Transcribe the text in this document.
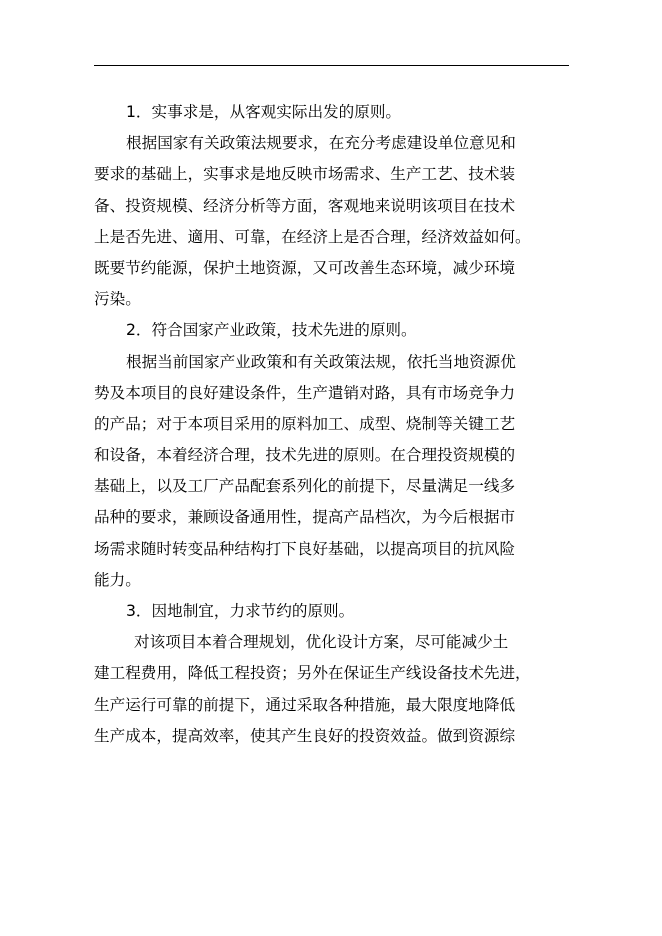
1．实事求是，从客观实际出发的原则。
根据国家有关政策法规要求，在充分考虑建设单位意见和
要求的基础上，实事求是地反映市场需求、生产工艺、技术装
备、投资规模、经济分析等方面，客观地来说明该项目在技术
上是否先进、適用、可靠，在经济上是否合理，经济效益如何。
既要节约能源，保护土地资源，又可改善生态环境，减少环境
污染。
2．符合国家产业政策，技术先进的原则。
根据当前国家产业政策和有关政策法规，依托当地资源优
势及本项目的良好建设条件，生产遣销对路，具有市场竞争力
的产品；对于本项目采用的原料加工、成型、烧制等关键工艺
和设备，本着经济合理，技术先进的原则。在合理投资规模的
基础上，以及工厂产品配套系列化的前提下，尽量满足一线多
品种的要求，兼顾设备通用性，提高产品档次，为今后根据市
场需求随时转变品种结构打下良好基础，以提高项目的抗风险
能力。
3．因地制宜，力求节约的原则。
对该项目本着合理规划，优化设计方案，尽可能减少土
建工程费用，降低工程投资；另外在保证生产线设备技术先进，
生产运行可靠的前提下，通过采取各种措施，最大限度地降低
生产成本，提高效率，使其产生良好的投资效益。做到资源综
